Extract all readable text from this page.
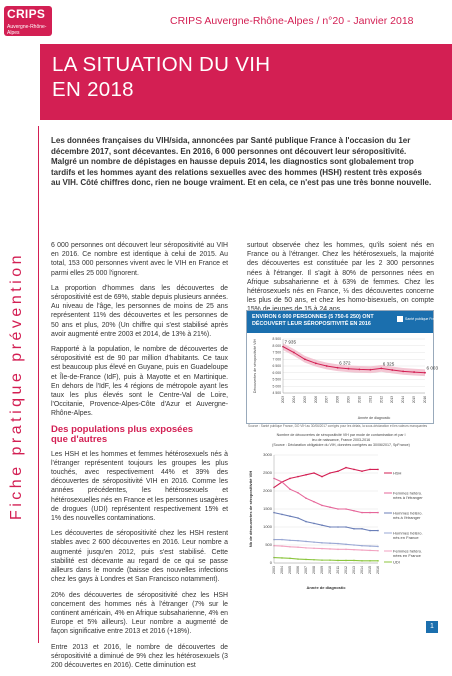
CRIPS
Auvergne-Rhône-Alpes
CRIPS Auvergne-Rhône-Alpes / n°20 - Janvier 2018
LA SITUATION DU VIH
EN 2018
Fiche pratique prévention
Les données françaises du VIH/sida, annoncées par Santé publique France à l'occasion du 1er décembre 2017, sont décevantes. En 2016, 6 000 personnes ont découvert leur séropositivité. Malgré un nombre de dépistages en hausse depuis 2014, les diagnostics sont globalement trop tardifs et les hommes ayant des relations sexuelles avec des hommes (HSH) restent très exposés au VIH. Côté chiffres donc, rien ne bouge vraiment. Et en cela, ce n'est pas une très bonne nouvelle.

6 000 personnes ont découvert leur séropositivité au VIH en 2016. Ce nombre est identique à celui de 2015. Au total, 153 000 personnes vivent avec le VIH en France et parmi elles 25 000 l'ignorent.

La proportion d'hommes dans les découvertes de séropositivité est de 69%, stable depuis plusieurs années. Au niveau de l'âge, les personnes de moins de 25 ans représentent 11% des découvertes et les personnes de 50 ans et plus, 20% (Un chiffre qui s'est stabilisé après avoir augmenté entre 2003 et 2014, de 13% à 21%).

Rapporté à la population, le nombre de découvertes de séropositivité est de 90 par million d'habitants. Ce taux est beaucoup plus élevé en Guyane, puis en Guadeloupe et Île-de-France (IdF), puis à Mayotte et en Martinique. En dehors de l'IdF, les 4 régions de métropole ayant les taux les plus élevés sont le Centre-Val de Loire, l'Occitanie, Provence-Alpes-Côte d'Azur et Auvergne-Rhône-Alpes.

Des populations plus exposées
que d'autres

Les HSH et les hommes et femmes hétérosexuels nés à l'étranger représentent toujours les groupes les plus touchés, avec respectivement 44% et 39% des découvertes de séropositivité VIH en 2016. Comme les années précédentes, les hétérosexuels et hétérosexuelles nés en France et les personnes usagères de drogues (UDI) représentent respectivement 15% et 1% des nouvelles contaminations.

Les découvertes de séropositivité chez les HSH restent stables avec 2 600 découvertes en 2016. Leur nombre a augmenté jusqu'en 2012, puis s'est stabilisé. Cette stabilité est décevante au regard de ce qui se passe ailleurs dans le monde (baisse des nouvelles infections chez les gays à Londres et San Francisco notamment).

20% des découvertes de séropositivité chez les HSH concernent des hommes nés à l'étranger (7% sur le continent américain, 4% en Afrique subsaharienne, 4% en Europe et 5% ailleurs). Leur nombre a augmenté de façon significative entre 2013 et 2016 (+18%).

Entre 2013 et 2016, le nombre de découvertes de séropositivité a diminué de 9% chez les hétérosexuels (3 200 découvertes en 2016). Cette diminution est

surtout observée chez les hommes, qu'ils soient nés en France ou à l'étranger. Chez les hétérosexuels, la majorité des découvertes est constituée par les 2 300 personnes nées à l'étranger. Il s'agit à 80% de personnes nées en Afrique subsaharienne et à 63% de femmes. Chez les hétérosexuels nés en France, ⅓ des découvertes concerne les plus de 50 ans, et chez les homo-bisexuels, on compte

ENVIRON 6 000 PERSONNES (5 750-6 250) ONT DÉCOUVERT LEUR SÉROPOSITIVITÉ EN 2016
Santé publique France
8 500
8 000
7 500
7 000
6 500
6 000
5 500
5 000
4 500
7 935
6 372	6 325
6 003
2003 2004 2005 2006 2007 2008 2009 2010 2011 2012 2013 2014 2015 2016
Découvertes de séropositivité VIH
Année de diagnostic
Source : Santé publique France, DO VIH au 30/06/2017 corrigés pour les délais, la sous-déclaration et les valeurs manquantes
Nombre de découvertes de séropositivité VIH par mode de contamination et par l
ieu de naissance, France 2003-2016
(Source : Déclaration obligatoire du VIH, données corrigées au 30/06/2017, SpFrance)
3000
2500
2000
1500
1000
500
0
HSH
Femmes hétéro.
nées à l'étranger
Hommes hétéro.
nés à l'étranger
Hommes hétéro.
nés en France
Femmes hétéro.
nées en France
UDI
2003 2004 2005 2006 2007 2008 2009 2010 2011 2012 2013 2014 2015 2016
Nb de découvertes de séropositivité VIH
Année de diagnostic
1
